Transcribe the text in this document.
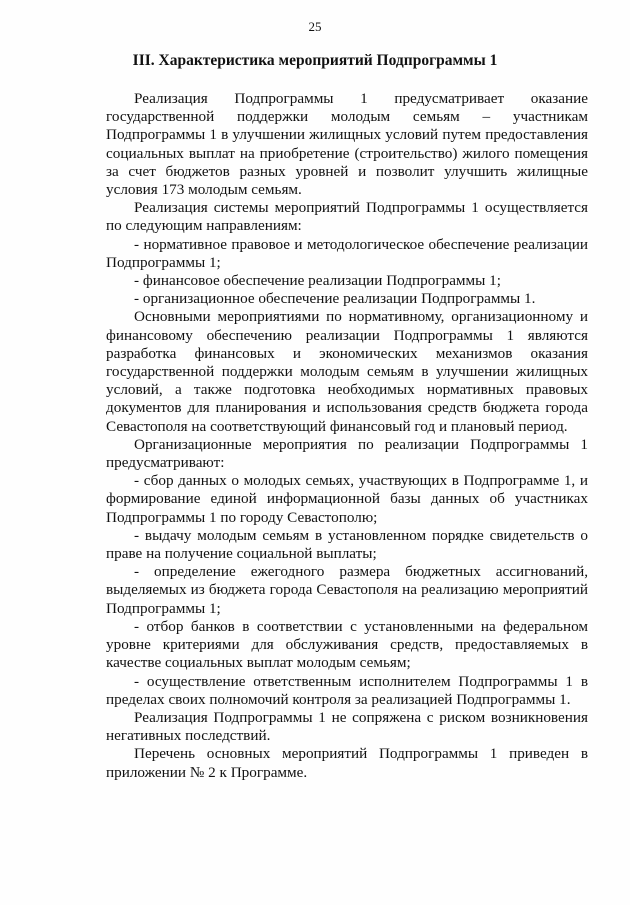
25
III. Характеристика мероприятий Подпрограммы 1

Реализация Подпрограммы 1 предусматривает оказание государственной поддержки молодым семьям – участникам Подпрограммы 1 в улучшении жилищных условий путем предоставления социальных выплат на приобретение (строительство) жилого помещения за счет бюджетов разных уровней и позволит улучшить жилищные условия 173 молодым семьям.

Реализация системы мероприятий Подпрограммы 1 осуществляется по следующим направлениям:

- нормативное правовое и методологическое обеспечение реализации Подпрограммы 1;

- финансовое обеспечение реализации Подпрограммы 1;

- организационное обеспечение реализации Подпрограммы 1.

Основными мероприятиями по нормативному, организационному и финансовому обеспечению реализации Подпрограммы 1 являются разработка финансовых и экономических механизмов оказания государственной поддержки молодым семьям в улучшении жилищных условий, а также подготовка необходимых нормативных правовых документов для планирования и использования средств бюджета города Севастополя на соответствующий финансовый год и плановый период.

Организационные мероприятия по реализации Подпрограммы 1 предусматривают:

- сбор данных о молодых семьях, участвующих в Подпрограмме 1, и формирование единой информационной базы данных об участниках Подпрограммы 1 по городу Севастополю;

- выдачу молодым семьям в установленном порядке свидетельств о праве на получение социальной выплаты;

- определение ежегодного размера бюджетных ассигнований, выделяемых из бюджета города Севастополя на реализацию мероприятий Подпрограммы 1;

- отбор банков в соответствии с установленными на федеральном уровне критериями для обслуживания средств, предоставляемых в качестве социальных выплат молодым семьям;

- осуществление ответственным исполнителем Подпрограммы 1 в пределах своих полномочий контроля за реализацией Подпрограммы 1.

Реализация Подпрограммы 1 не сопряжена с риском возникновения негативных последствий.

Перечень основных мероприятий Подпрограммы 1 приведен в приложении № 2 к Программе.
